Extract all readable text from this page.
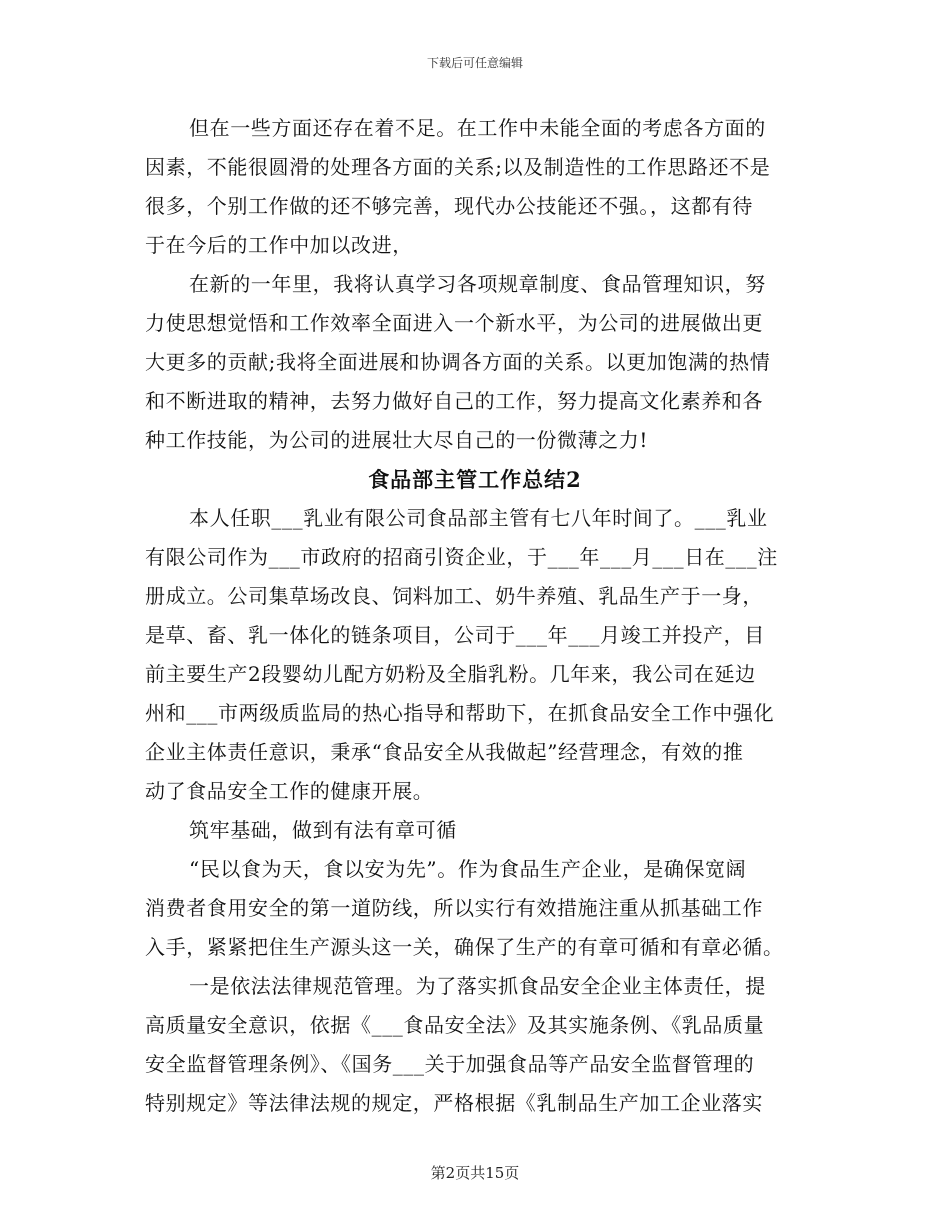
下载后可任意编辑
但在一些方面还存在着不足。在工作中未能全面的考虑各方面的
因素，不能很圆滑的处理各方面的关系;以及制造性的工作思路还不是
很多，个别工作做的还不够完善，现代办公技能还不强。，这都有待
于在今后的工作中加以改进，
在新的一年里，我将认真学习各项规章制度、食品管理知识，努
力使思想觉悟和工作效率全面进入一个新水平，为公司的进展做出更
大更多的贡献;我将全面进展和协调各方面的关系。以更加饱满的热情
和不断进取的精神，去努力做好自己的工作，努力提高文化素养和各
种工作技能，为公司的进展壮大尽自己的一份微薄之力!
食品部主管工作总结2
本人任职___乳业有限公司食品部主管有七八年时间了。___乳业
有限公司作为___市政府的招商引资企业，于___年___月___日在___注
册成立。公司集草场改良、饲料加工、奶牛养殖、乳品生产于一身，
是草、畜、乳一体化的链条项目，公司于___年___月竣工并投产，目
前主要生产2段婴幼儿配方奶粉及全脂乳粉。几年来，我公司在延边
州和___市两级质监局的热心指导和帮助下，在抓食品安全工作中强化
企业主体责任意识，秉承“食品安全从我做起”经营理念，有效的推
动了食品安全工作的健康开展。
筑牢基础，做到有法有章可循
“民以食为天，食以安为先”。作为食品生产企业，是确保宽阔
消费者食用安全的第一道防线，所以实行有效措施注重从抓基础工作
入手，紧紧把住生产源头这一关，确保了生产的有章可循和有章必循。
一是依法法律规范管理。为了落实抓食品安全企业主体责任，提
高质量安全意识，依据《___食品安全法》及其实施条例、《乳品质量
安全监督管理条例》、《国务___关于加强食品等产品安全监督管理的
特别规定》等法律法规的规定，严格根据《乳制品生产加工企业落实
第2页共15页
